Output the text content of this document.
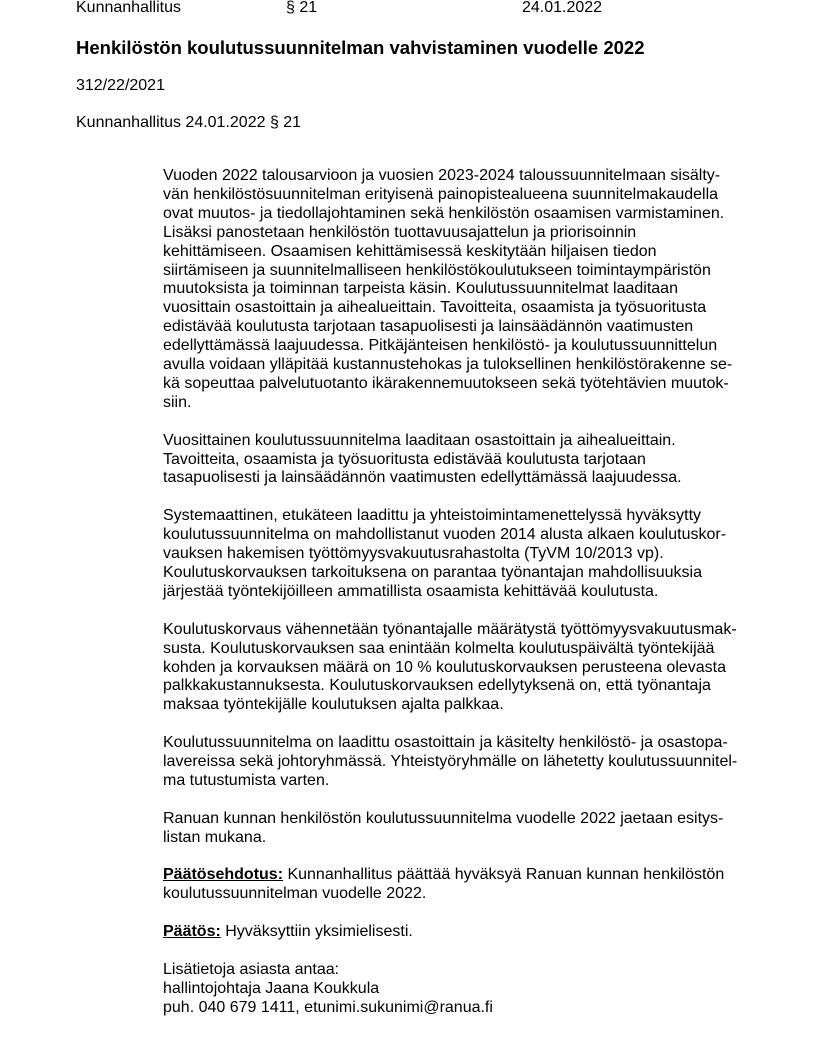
Kunnanhallitus	§ 21	24.01.2022
Henkilöstön koulutussuunnitelman vahvistaminen vuodelle 2022
312/22/2021
Kunnanhallitus 24.01.2022 § 21

Vuoden 2022 talousarvioon ja vuosien 2023-2024 taloussuunnitelmaan sisälty-
vän henkilöstösuunnitelman erityisenä painopistealueena suunnitelmakaudella
ovat muutos- ja tiedollajohtaminen sekä henkilöstön osaamisen varmistaminen.
Lisäksi panostetaan henkilöstön tuottavuusajattelun ja priorisoinnin
kehittämiseen. Osaamisen kehittämisessä keskitytään hiljaisen tiedon
siirtämiseen ja suunnitelmalliseen henkilöstökoulutukseen toimintaympäristön
muutoksista ja toiminnan tarpeista käsin. Koulutussuunnitelmat laaditaan
vuosittain osastoittain ja aihealueittain. Tavoitteita, osaamista ja työsuoritusta
edistävää koulutusta tarjotaan tasapuolisesti ja lainsäädännön vaatimusten
edellyttämässä laajuudessa. Pitkäjänteisen henkilöstö- ja koulutussuunnittelun
avulla voidaan ylläpitää kustannustehokas ja tuloksellinen henkilöstörakenne se-
kä sopeuttaa palvelutuotanto ikärakennemuutokseen sekä työtehtävien muutok-
siin.

Vuosittainen koulutussuunnitelma laaditaan osastoittain ja aihealueittain.
Tavoitteita, osaamista ja työsuoritusta edistävää koulutusta tarjotaan
tasapuolisesti ja lainsäädännön vaatimusten edellyttämässä laajuudessa.

Systemaattinen, etukäteen laadittu ja yhteistoimintamenettelyssä hyväksytty
koulutussuunnitelma on mahdollistanut vuoden 2014 alusta alkaen koulutuskor-
vauksen hakemisen työttömyysvakuutusrahastolta (TyVM 10/2013 vp).
Koulutuskorvauksen tarkoituksena on parantaa työnantajan mahdollisuuksia
järjestää työntekijöilleen ammatillista osaamista kehittävää koulutusta.

Koulutuskorvaus vähennetään työnantajalle määrätystä työttömyysvakuutusmak-
susta. Koulutuskorvauksen saa enintään kolmelta koulutuspäivältä työntekijää
kohden ja korvauksen määrä on 10 % koulutuskorvauksen perusteena olevasta
palkkakustannuksesta. Koulutuskorvauksen edellytyksenä on, että työnantaja
maksaa työntekijälle koulutuksen ajalta palkkaa.

Koulutussuunnitelma on laadittu osastoittain ja käsitelty henkilöstö- ja osastopa-
lavereissa sekä johtoryhmässä. Yhteistyöryhmälle on lähetetty koulutussuunnitel-
ma tutustumista varten.

Ranuan kunnan henkilöstön koulutussuunnitelma vuodelle 2022 jaetaan esitys-
listan mukana.

Päätösehdotus: Kunnanhallitus päättää hyväksyä Ranuan kunnan henkilöstön
koulutussuunnitelman vuodelle 2022.

Päätös: Hyväksyttiin yksimielisesti.

Lisätietoja asiasta antaa:

hallintojohtaja Jaana Koukkula

puh. 040 679 1411, etunimi.sukunimi@ranua.fi
